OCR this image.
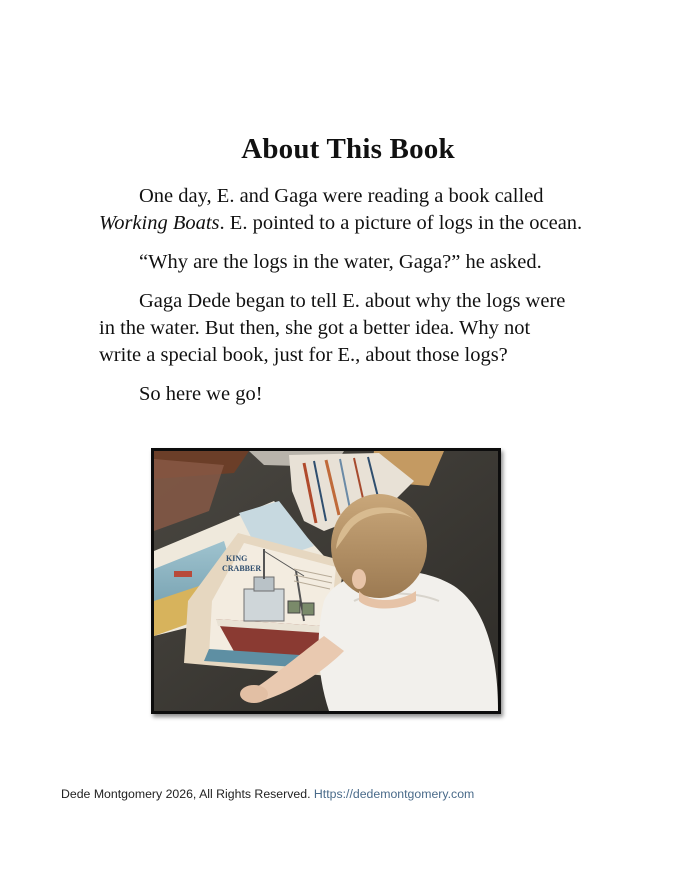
About This Book

One day, E. and Gaga were reading a book called
Working Boats. E. pointed to a picture of logs in the ocean.

“Why are the logs in the water, Gaga?” he asked.

Gaga Dede began to tell E. about why the logs were
in the water. But then, she got a better idea. Why not
write a special book, just for E., about those logs?

So here we go!

KING
CRABBER
Dede Montgomery 2026, All Rights Reserved. Https://dedemontgomery.com
